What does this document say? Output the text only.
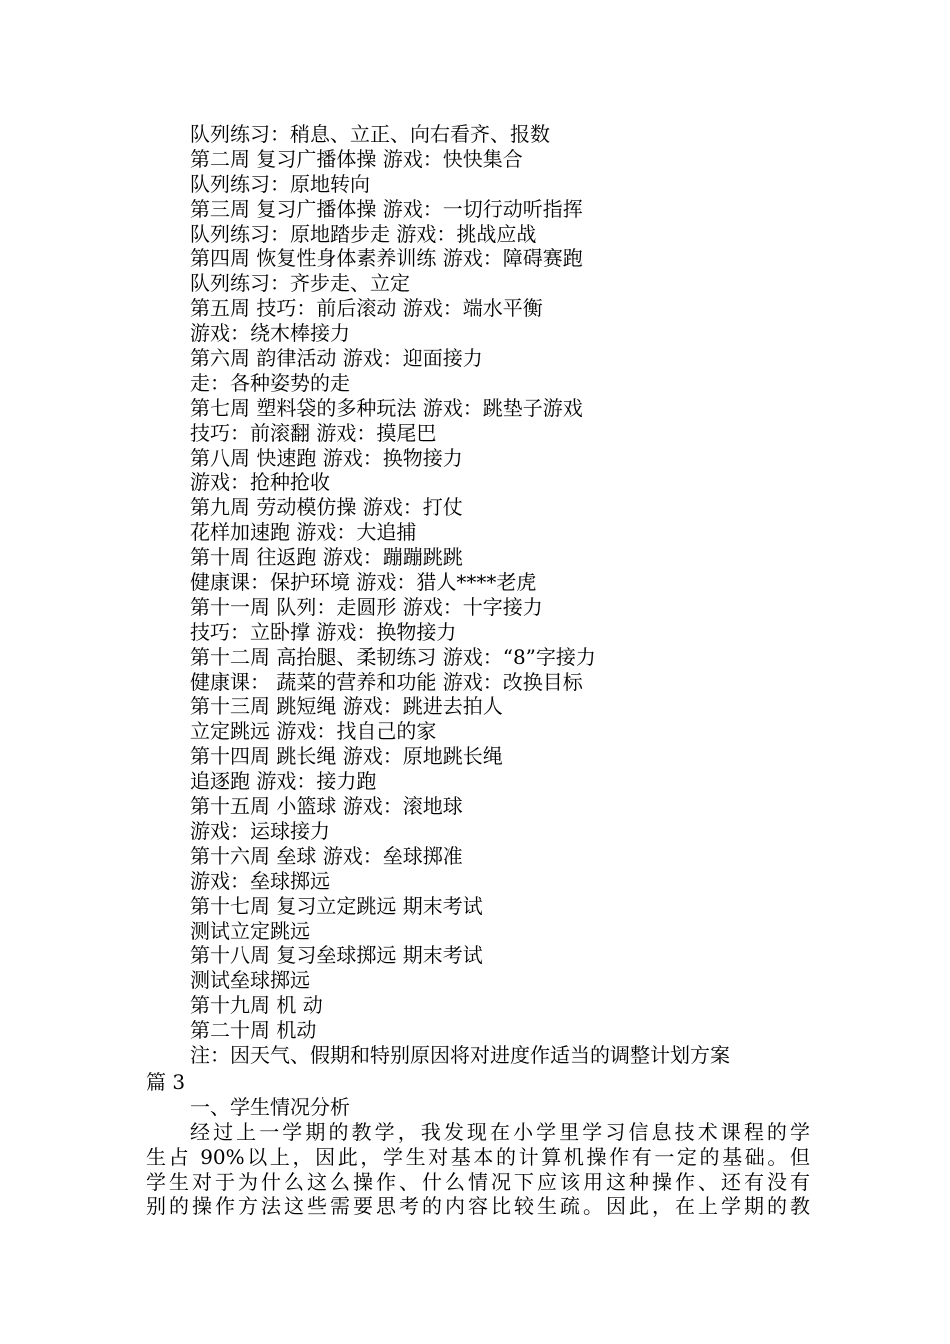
队列练习：稍息、立正、向右看齐、报数
第二周 复习广播体操 游戏：快快集合
队列练习：原地转向
第三周 复习广播体操 游戏：一切行动听指挥
队列练习：原地踏步走 游戏：挑战应战
第四周 恢复性身体素养训练 游戏：障碍赛跑
队列练习：齐步走、立定
第五周 技巧：前后滚动 游戏：端水平衡
游戏：绕木棒接力
第六周 韵律活动 游戏：迎面接力
走：各种姿势的走
第七周 塑料袋的多种玩法 游戏：跳垫子游戏
技巧：前滚翻 游戏：摸尾巴
第八周 快速跑 游戏：换物接力
游戏：抢种抢收
第九周 劳动模仿操 游戏：打仗
花样加速跑 游戏：大追捕
第十周 往返跑 游戏：蹦蹦跳跳
健康课：保护环境 游戏：猎人****老虎
第十一周 队列：走圆形 游戏：十字接力
技巧：立卧撑 游戏：换物接力
第十二周 高抬腿、柔韧练习 游戏：“8”字接力
健康课： 蔬菜的营养和功能 游戏：改换目标
第十三周 跳短绳 游戏：跳进去拍人
立定跳远 游戏：找自己的家
第十四周 跳长绳 游戏：原地跳长绳
追逐跑 游戏：接力跑
第十五周 小篮球 游戏：滚地球
游戏：运球接力
第十六周 垒球 游戏：垒球掷准
游戏：垒球掷远
第十七周 复习立定跳远 期末考试
测试立定跳远
第十八周 复习垒球掷远 期末考试
测试垒球掷远
第十九周 机 动
第二十周 机动
注：因天气、假期和特别原因将对进度作适当的调整计划方案
篇 3
一、学生情况分析
经过上一学期的教学，我发现在小学里学习信息技术课程的学
生占 90%以上，因此，学生对基本的计算机操作有一定的基础。但
学生对于为什么这么操作、什么情况下应该用这种操作、还有没有
别的操作方法这些需要思考的内容比较生疏。因此，在上学期的教
